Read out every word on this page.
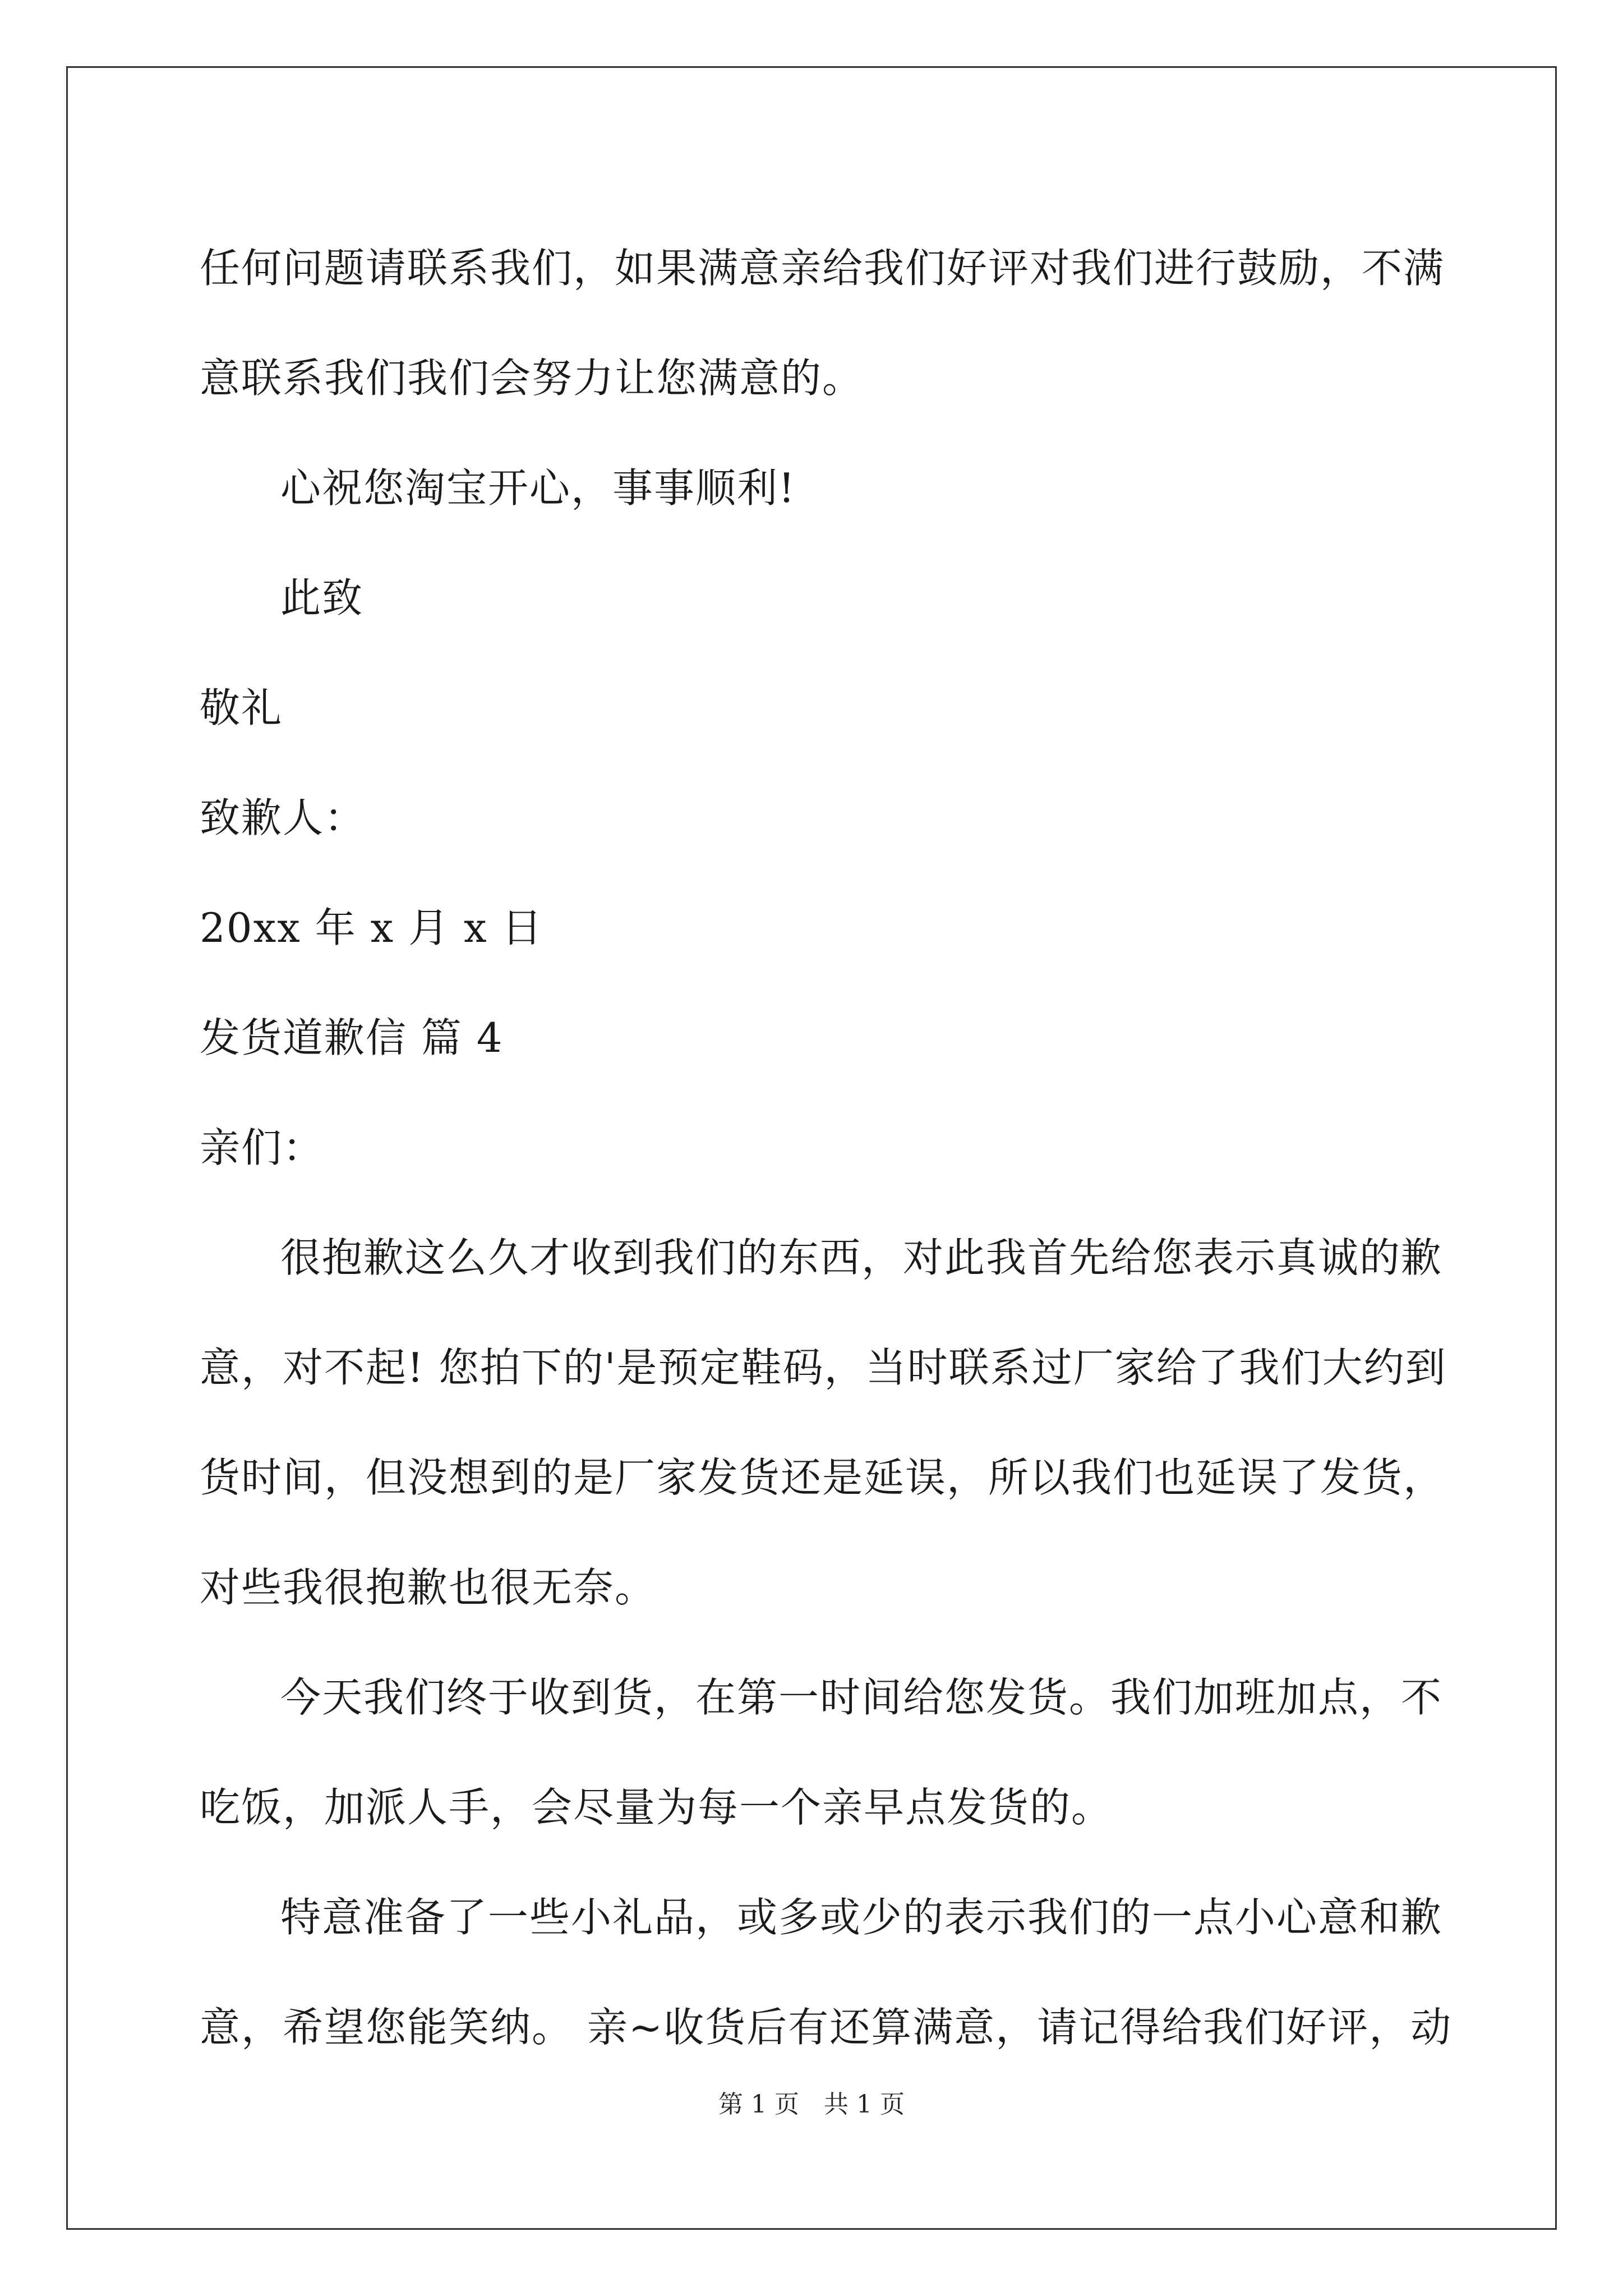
任何问题请联系我们，如果满意亲给我们好评对我们进行鼓励，不满
意联系我们我们会努力让您满意的。
心祝您淘宝开心，事事顺利!
此致
敬礼
致歉人：
20xx 年 x 月 x 日
发货道歉信 篇 4
亲们：
很抱歉这么久才收到我们的东西，对此我首先给您表示真诚的歉
意，对不起! 您拍下的'是预定鞋码，当时联系过厂家给了我们大约到
货时间，但没想到的是厂家发货还是延误，所以我们也延误了发货，
对些我很抱歉也很无奈。
今天我们终于收到货，在第一时间给您发货。我们加班加点，不
吃饭，加派人手，会尽量为每一个亲早点发货的。
特意准备了一些小礼品，或多或少的表示我们的一点小心意和歉
意，希望您能笑纳。 亲~收货后有还算满意，请记得给我们好评，动
第 1 页　共 1 页
